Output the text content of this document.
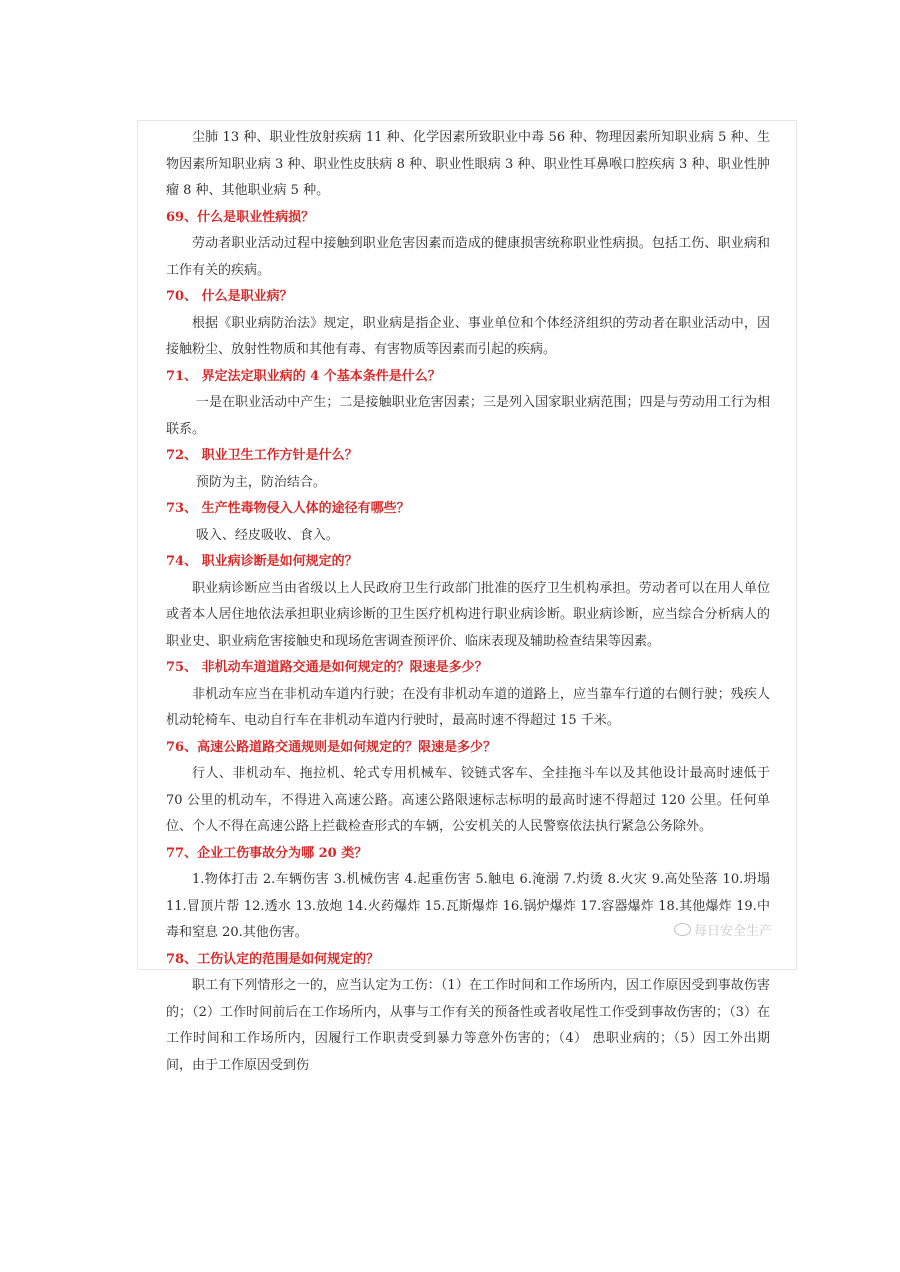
尘肺 13 种、职业性放射疾病 11 种、化学因素所致职业中毒 56 种、物理因素所知职业病 5 种、生物因素所知职业病 3 种、职业性皮肤病 8 种、职业性眼病 3 种、职业性耳鼻喉口腔疾病 3 种、职业性肿瘤 8 种、其他职业病 5 种。

69、什么是职业性病损？

劳动者职业活动过程中接触到职业危害因素而造成的健康损害统称职业性病损。包括工伤、职业病和工作有关的疾病。

70、 什么是职业病？

根据《职业病防治法》规定，职业病是指企业、事业单位和个体经济组织的劳动者在职业活动中，因接触粉尘、放射性物质和其他有毒、有害物质等因素而引起的疾病。

71、 界定法定职业病的 4 个基本条件是什么？

一是在职业活动中产生；二是接触职业危害因素；三是列入国家职业病范围；四是与劳动用工行为相联系。

72、 职业卫生工作方针是什么？

预防为主，防治结合。

73、 生产性毒物侵入人体的途径有哪些？

吸入、经皮吸收、食入。

74、 职业病诊断是如何规定的？

职业病诊断应当由省级以上人民政府卫生行政部门批准的医疗卫生机构承担。劳动者可以在用人单位或者本人居住地依法承担职业病诊断的卫生医疗机构进行职业病诊断。职业病诊断，应当综合分析病人的职业史、职业病危害接触史和现场危害调查预评价、临床表现及辅助检查结果等因素。

75、 非机动车道道路交通是如何规定的？限速是多少？

非机动车应当在非机动车道内行驶；在没有非机动车道的道路上，应当靠车行道的右侧行驶；残疾人机动轮椅车、电动自行车在非机动车道内行驶时，最高时速不得超过 15 千米。

76、高速公路道路交通规则是如何规定的？限速是多少？

行人、非机动车、拖拉机、轮式专用机械车、铰链式客车、全挂拖斗车以及其他设计最高时速低于 70 公里的机动车，不得进入高速公路。高速公路限速标志标明的最高时速不得超过 120 公里。任何单位、个人不得在高速公路上拦截检查形式的车辆，公安机关的人民警察依法执行紧急公务除外。

77、企业工伤事故分为哪 20 类？

1.物体打击 2.车辆伤害 3.机械伤害 4.起重伤害 5.触电 6.淹溺 7.灼烫 8.火灾 9.高处坠落 10.坍塌 11.冒顶片帮 12.透水 13.放炮 14.火药爆炸 15.瓦斯爆炸 16.锅炉爆炸 17.容器爆炸 18.其他爆炸 19.中毒和窒息 20.其他伤害。

78、工伤认定的范围是如何规定的？

职工有下列情形之一的，应当认定为工伤：（1）在工作时间和工作场所内，因工作原因受到事故伤害的；（2）工作时间前后在工作场所内，从事与工作有关的预备性或者收尾性工作受到事故伤害的；（3）在工作时间和工作场所内，因履行工作职责受到暴力等意外伤害的；（4） 患职业病的；（5）因工外出期间，由于工作原因受到伤

每日安全生产
